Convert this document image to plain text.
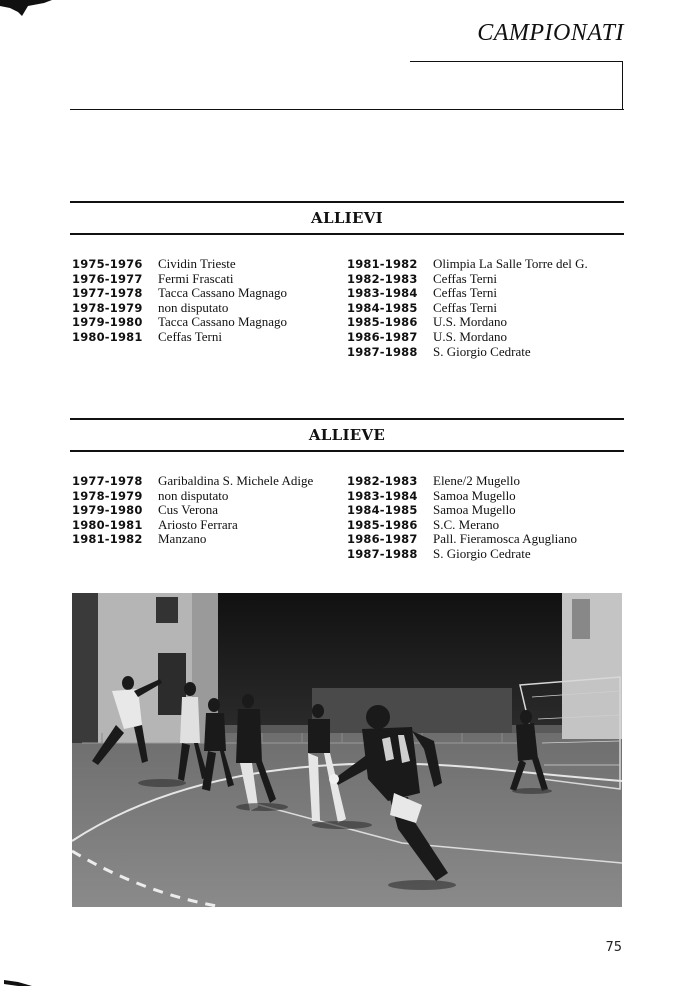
CAMPIONATI
ALLIEVI
1975-1976	Cividin Trieste
1976-1977	Fermi Frascati
1977-1978	Tacca Cassano Magnago
1978-1979	non disputato
1979-1980	Tacca Cassano Magnago
1980-1981	Ceffas Terni
1981-1982	Olimpia La Salle Torre del G.
1982-1983	Ceffas Terni
1983-1984	Ceffas Terni
1984-1985	Ceffas Terni
1985-1986	U.S. Mordano
1986-1987	U.S. Mordano
1987-1988	S. Giorgio Cedrate
ALLIEVE
1977-1978	Garibaldina S. Michele Adige
1978-1979	non disputato
1979-1980	Cus Verona
1980-1981	Ariosto Ferrara
1981-1982	Manzano
1982-1983	Elene/2 Mugello
1983-1984	Samoa Mugello
1984-1985	Samoa Mugello
1985-1986	S.C. Merano
1986-1987	Pall. Fieramosca Agugliano
1987-1988	S. Giorgio Cedrate
75
